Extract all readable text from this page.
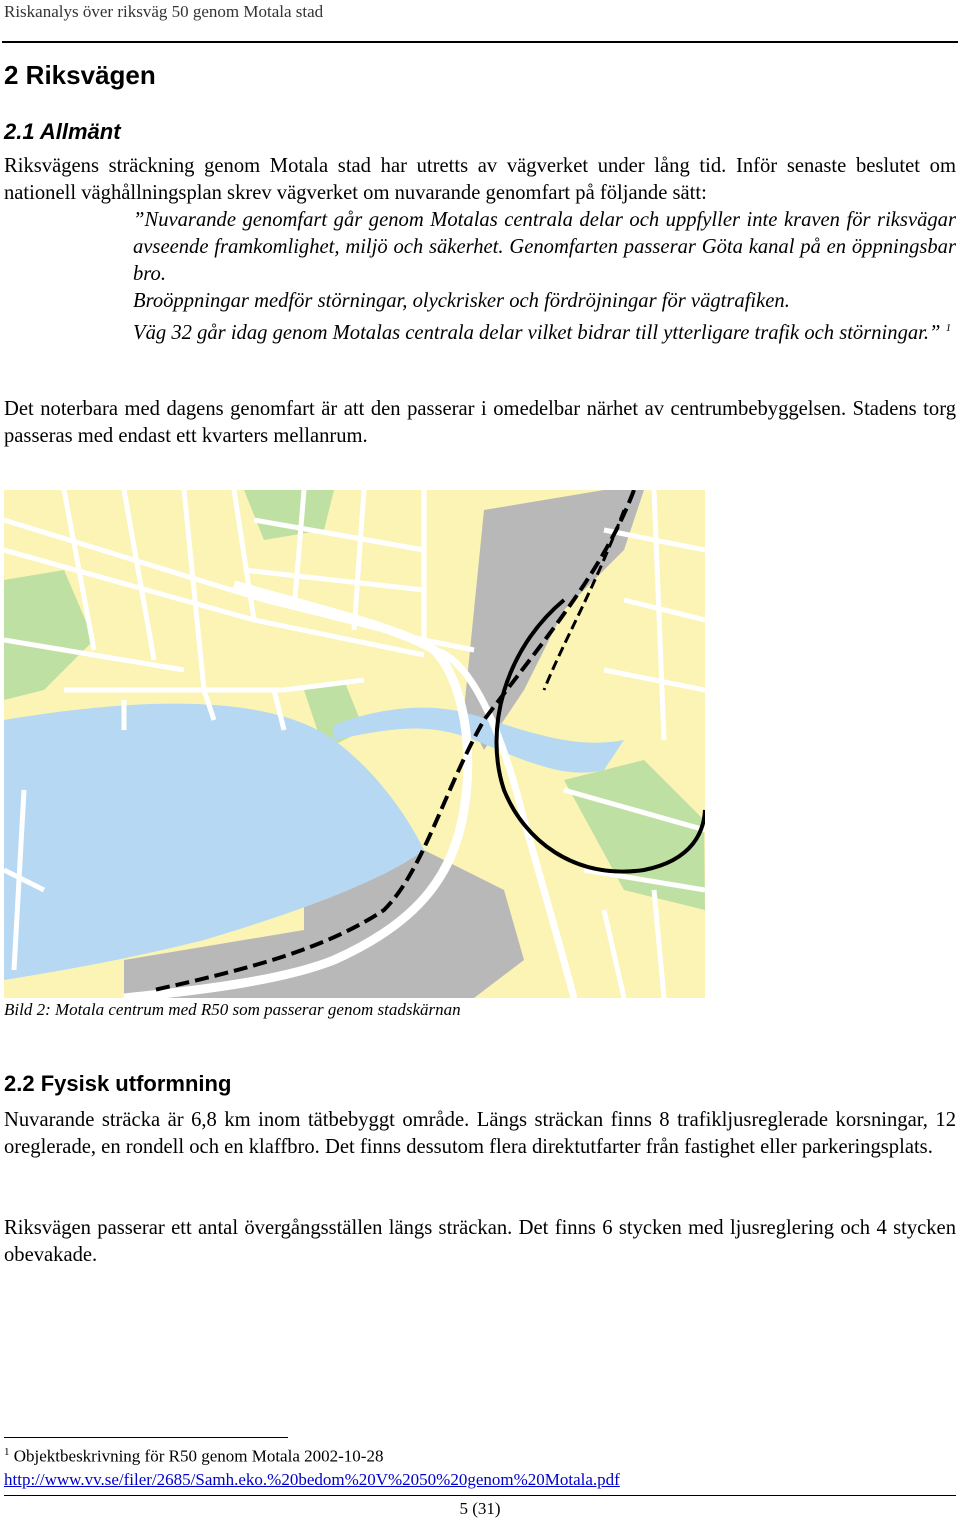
Riskanalys över riksväg 50 genom Motala stad
2 Riksvägen
2.1 Allmänt
Riksvägens sträckning genom Motala stad har utretts av vägverket under lång tid. Inför senaste beslutet om nationell väghållningsplan skrev vägverket om nuvarande genomfart på följande sätt:
”Nuvarande genomfart går genom Motalas centrala delar och uppfyller inte kraven för riksvägar avseende framkomlighet, miljö och säkerhet. Genomfarten passerar Göta kanal på en öppningsbar bro.
Broöppningar medför störningar, olyckrisker och fördröjningar för vägtrafiken.
Väg 32 går idag genom Motalas centrala delar vilket bidrar till ytterligare trafik och störningar.” $^1$
Det noterbara med dagens genomfart är att den passerar i omedelbar närhet av centrumbebyggelsen. Stadens torg passeras med endast ett kvarters mellanrum.
Bild 2: Motala centrum med R50 som passerar genom stadskärnan
2.2 Fysisk utformning
Nuvarande sträcka är 6,8 km inom tätbebyggt område. Längs sträckan finns 8 trafikljusreglerade korsningar, 12 oreglerade, en rondell och en klaffbro. Det finns dessutom flera direktutfarter från fastighet eller parkeringsplats.
Riksvägen passerar ett antal övergångsställen längs sträckan. Det finns 6 stycken med ljusreglering och 4 stycken obevakade.
$^1$ Objektbeskrivning för R50 genom Motala 2002-10-28
http://www.vv.se/filer/2685/Samh.eko.%20bedom%20V%2050%20genom%20Motala.pdf
5 (31)
